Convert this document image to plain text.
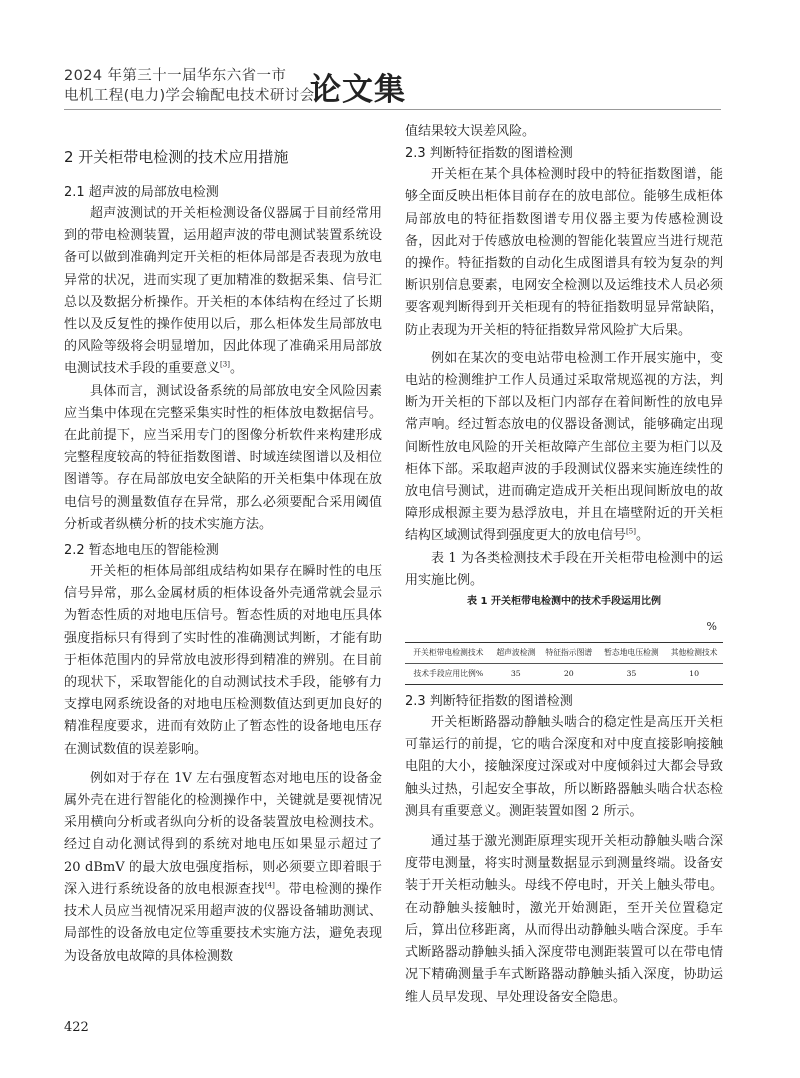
2024 年第三十一届华东六省一市
电机工程(电力)学会输配电技术研讨会
论文集
2 开关柜带电检测的技术应用措施
2.1 超声波的局部放电检测

超声波测试的开关柜检测设备仪器属于目前经常用到的带电检测装置，运用超声波的带电测试装置系统设备可以做到准确判定开关柜的柜体局部是否表现为放电异常的状况，进而实现了更加精准的数据采集、信号汇总以及数据分析操作。开关柜的本体结构在经过了长期性以及反复性的操作使用以后，那么柜体发生局部放电的风险等级将会明显增加，因此体现了准确采用局部放电测试技术手段的重要意义[3]。

具体而言，测试设备系统的局部放电安全风险因素应当集中体现在完整采集实时性的柜体放电数据信号。在此前提下，应当采用专门的图像分析软件来构建形成完整程度较高的特征指数图谱、时域连续图谱以及相位图谱等。存在局部放电安全缺陷的开关柜集中体现在放电信号的测量数值存在异常，那么必须要配合采用阈值分析或者纵横分析的技术实施方法。

2.2 暂态地电压的智能检测

开关柜的柜体局部组成结构如果存在瞬时性的电压信号异常，那么金属材质的柜体设备外壳通常就会显示为暂态性质的对地电压信号。暂态性质的对地电压具体强度指标只有得到了实时性的准确测试判断，才能有助于柜体范围内的异常放电波形得到精准的辨别。在目前的现状下，采取智能化的自动测试技术手段，能够有力支撑电网系统设备的对地电压检测数值达到更加良好的精准程度要求，进而有效防止了暂态性的设备地电压存在测试数值的误差影响。

例如对于存在 1V 左右强度暂态对地电压的设备金属外壳在进行智能化的检测操作中，关键就是要视情况采用横向分析或者纵向分析的设备装置放电检测技术。经过自动化测试得到的系统对地电压如果显示超过了 20 dBmV 的最大放电强度指标，则必须要立即着眼于深入进行系统设备的放电根源查找[4]。带电检测的操作技术人员应当视情况采用超声波的仪器设备辅助测试、局部性的设备放电定位等重要技术实施方法，避免表现为设备放电故障的具体检测数

值结果较大误差风险。

2.3 判断特征指数的图谱检测

开关柜在某个具体检测时段中的特征指数图谱，能够全面反映出柜体目前存在的放电部位。能够生成柜体局部放电的特征指数图谱专用仪器主要为传感检测设备，因此对于传感放电检测的智能化装置应当进行规范的操作。特征指数的自动化生成图谱具有较为复杂的判断识别信息要素，电网安全检测以及运维技术人员必须要客观判断得到开关柜现有的特征指数明显异常缺陷，防止表现为开关柜的特征指数异常风险扩大后果。

例如在某次的变电站带电检测工作开展实施中，变电站的检测维护工作人员通过采取常规巡视的方法，判断为开关柜的下部以及柜门内部存在着间断性的放电异常声响。经过暂态放电的仪器设备测试，能够确定出现间断性放电风险的开关柜故障产生部位主要为柜门以及柜体下部。采取超声波的手段测试仪器来实施连续性的放电信号测试，进而确定造成开关柜出现间断放电的故障形成根源主要为悬浮放电，并且在墙壁附近的开关柜结构区域测试得到强度更大的放电信号[5]。

表 1 为各类检测技术手段在开关柜带电检测中的运用实施比例。

表 1 开关柜带电检测中的技术手段运用比例
%
开关柜带电检测技术	超声波检测	特征指示图谱	暂态地电压检测	其他检测技术
技术手段应用比例%	35	20	35	10
2.3 判断特征指数的图谱检测

开关柜断路器动静触头啮合的稳定性是高压开关柜可靠运行的前提，它的啮合深度和对中度直接影响接触电阻的大小，接触深度过深或对中度倾斜过大都会导致触头过热，引起安全事故，所以断路器触头啮合状态检测具有重要意义。测距装置如图 2 所示。

通过基于激光测距原理实现开关柜动静触头啮合深度带电测量，将实时测量数据显示到测量终端。设备安装于开关柜动触头。母线不停电时，开关上触头带电。在动静触头接触时，激光开始测距，至开关位置稳定后，算出位移距离，从而得出动静触头啮合深度。手车式断路器动静触头插入深度带电测距装置可以在带电情况下精确测量手车式断路器动静触头插入深度，协助运维人员早发现、早处理设备安全隐患。

422
